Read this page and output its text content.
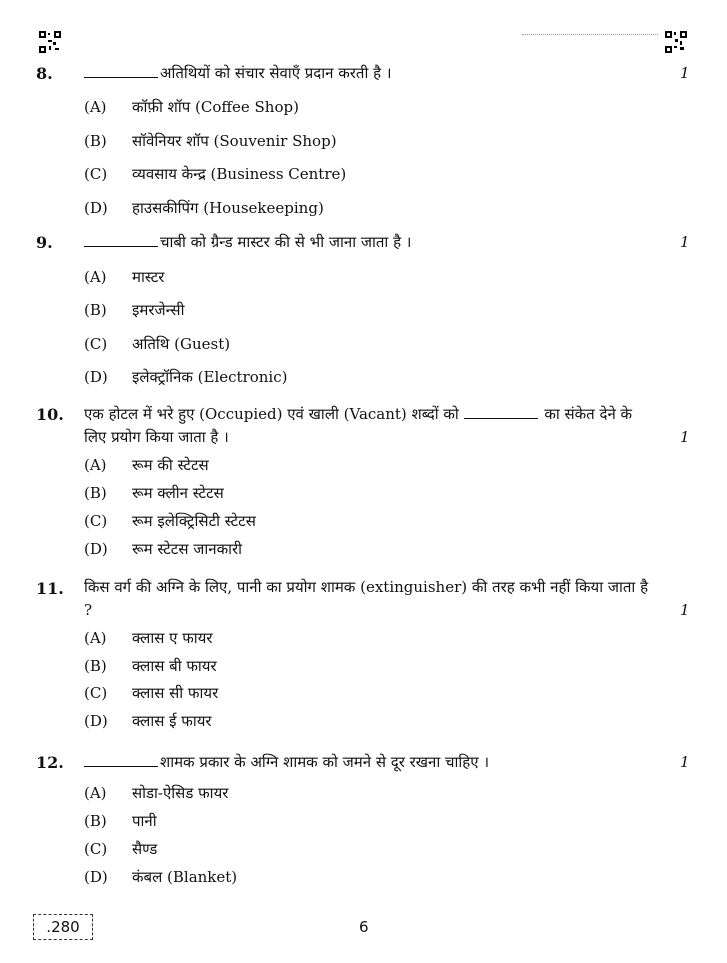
8.	अतिथियों को संचार सेवाएँ प्रदान करती है ।	1
(A) कॉफ़ी शॉप (Coffee Shop)
(B) सॉवेनियर शॉप (Souvenir Shop)
(C) व्यवसाय केन्द्र (Business Centre)
(D) हाउसकीपिंग (Housekeeping)
9.	चाबी को ग्रैन्ड मास्टर की से भी जाना जाता है ।	1
(A) मास्टर
(B) इमरजेन्सी
(C) अतिथि (Guest)
(D) इलेक्ट्रॉनिक (Electronic)
10. एक होटल में भरे हुए (Occupied) एवं खाली (Vacant) शब्दों को	का संकेत देने के लिए प्रयोग किया जाता है ।	1
(A) रूम की स्टेटस
(B) रूम क्लीन स्टेटस
(C) रूम इलेक्ट्रिसिटी स्टेटस
(D) रूम स्टेटस जानकारी
11. किस वर्ग की अग्नि के लिए, पानी का प्रयोग शामक (extinguisher) की तरह कभी नहीं किया जाता है ?	1
(A) क्लास ए फायर
(B) क्लास बी फायर
(C) क्लास सी फायर
(D) क्लास ई फायर
12.	शामक प्रकार के अग्नि शामक को जमने से दूर रखना चाहिए ।	1
(A) सोडा-ऐसिड फायर
(B) पानी
(C) सैण्ड
(D) कंबल (Blanket)
.280	6
